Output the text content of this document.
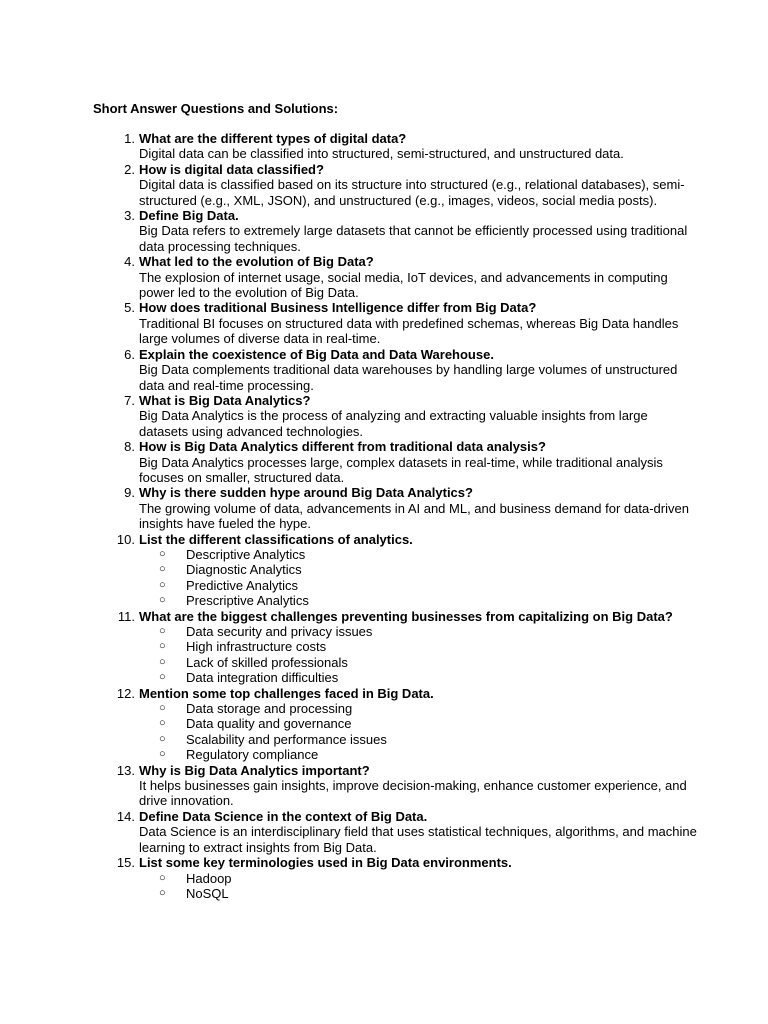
Short Answer Questions and Solutions:
1. What are the different types of digital data?
Digital data can be classified into structured, semi-structured, and unstructured data.
2. How is digital data classified?
Digital data is classified based on its structure into structured (e.g., relational databases), semi-structured (e.g., XML, JSON), and unstructured (e.g., images, videos, social media posts).
3. Define Big Data.
Big Data refers to extremely large datasets that cannot be efficiently processed using traditional data processing techniques.
4. What led to the evolution of Big Data?
The explosion of internet usage, social media, IoT devices, and advancements in computing power led to the evolution of Big Data.
5. How does traditional Business Intelligence differ from Big Data?
Traditional BI focuses on structured data with predefined schemas, whereas Big Data handles large volumes of diverse data in real-time.
6. Explain the coexistence of Big Data and Data Warehouse.
Big Data complements traditional data warehouses by handling large volumes of unstructured data and real-time processing.
7. What is Big Data Analytics?
Big Data Analytics is the process of analyzing and extracting valuable insights from large datasets using advanced technologies.
8. How is Big Data Analytics different from traditional data analysis?
Big Data Analytics processes large, complex datasets in real-time, while traditional analysis focuses on smaller, structured data.
9. Why is there sudden hype around Big Data Analytics?
The growing volume of data, advancements in AI and ML, and business demand for data-driven insights have fueled the hype.
10. List the different classifications of analytics.
○ Descriptive Analytics
○ Diagnostic Analytics
○ Predictive Analytics
○ Prescriptive Analytics
11. What are the biggest challenges preventing businesses from capitalizing on Big Data?
○ Data security and privacy issues
○ High infrastructure costs
○ Lack of skilled professionals
○ Data integration difficulties
12. Mention some top challenges faced in Big Data.
○ Data storage and processing
○ Data quality and governance
○ Scalability and performance issues
○ Regulatory compliance
13. Why is Big Data Analytics important?
It helps businesses gain insights, improve decision-making, enhance customer experience, and drive innovation.
14. Define Data Science in the context of Big Data.
Data Science is an interdisciplinary field that uses statistical techniques, algorithms, and machine learning to extract insights from Big Data.
15. List some key terminologies used in Big Data environments.
○ Hadoop
○ NoSQL
